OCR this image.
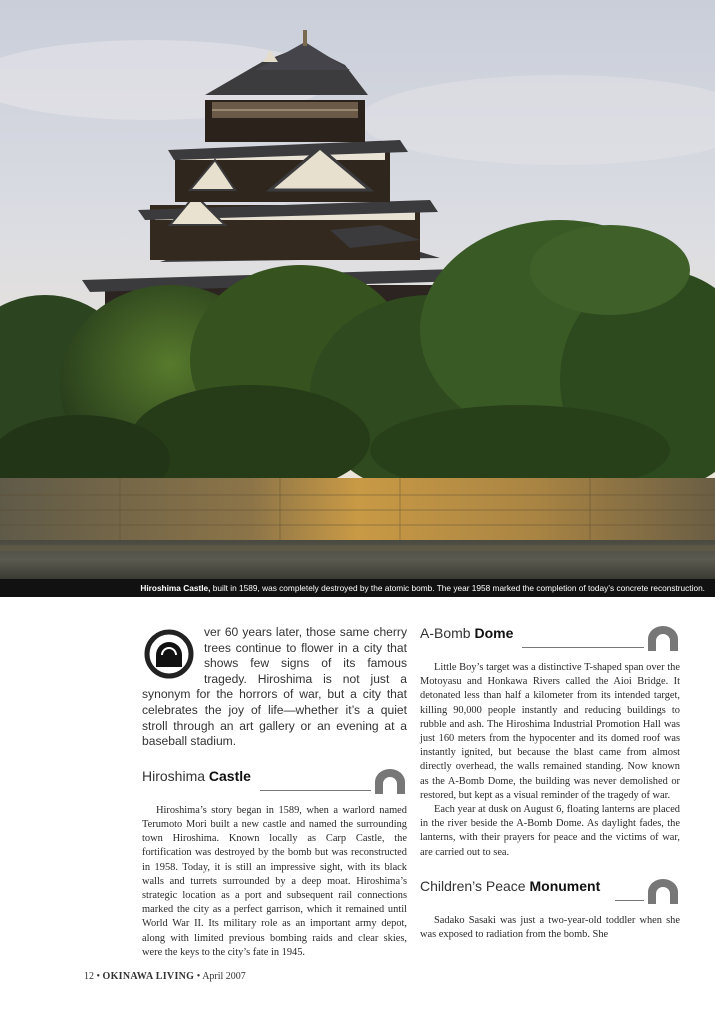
Hiroshima Castle, built in 1589, was completely destroyed by the atomic bomb. The year 1958 marked the completion of today’s concrete reconstruction.

ver 60 years later, those same cherry trees continue to flower in a city that shows few signs of its famous tragedy. Hiroshima is not just a synonym for the horrors of war, but a city that celebrates the joy of life—whether it’s a quiet stroll through an art gallery or an evening at a baseball stadium.

Hiroshima Castle

Hiroshima’s story began in 1589, when a warlord named Terumoto Mori built a new castle and named the surrounding town Hiroshima. Known locally as Carp Castle, the fortification was destroyed by the bomb but was reconstructed in 1958. Today, it is still an impressive sight, with its black walls and turrets surrounded by a deep moat. Hiroshima’s strategic location as a port and subsequent rail connections marked the city as a perfect garrison, which it remained until World War II. Its military role as an important army depot, along with limited previous bombing raids and clear skies, were the keys to the city’s fate in 1945.

A-Bomb Dome

Little Boy’s target was a distinctive T-shaped span over the Motoyasu and Honkawa Rivers called the Aioi Bridge. It detonated less than half a kilometer from its intended target, killing 90,000 people instantly and reducing buildings to rubble and ash. The Hiroshima Industrial Promotion Hall was just 160 meters from the hypocenter and its domed roof was instantly ignited, but because the blast came from almost directly overhead, the walls remained standing. Now known as the A-Bomb Dome, the building was never demolished or restored, but kept as a visual reminder of the tragedy of war.

Each year at dusk on August 6, floating lanterns are placed in the river beside the A-Bomb Dome. As daylight fades, the lanterns, with their prayers for peace and the victims of war, are carried out to sea.

Children’s Peace Monument

Sadako Sasaki was just a two-year-old toddler when she was exposed to radiation from the bomb. She

12 • OKINAWA LIVING • April 2007
